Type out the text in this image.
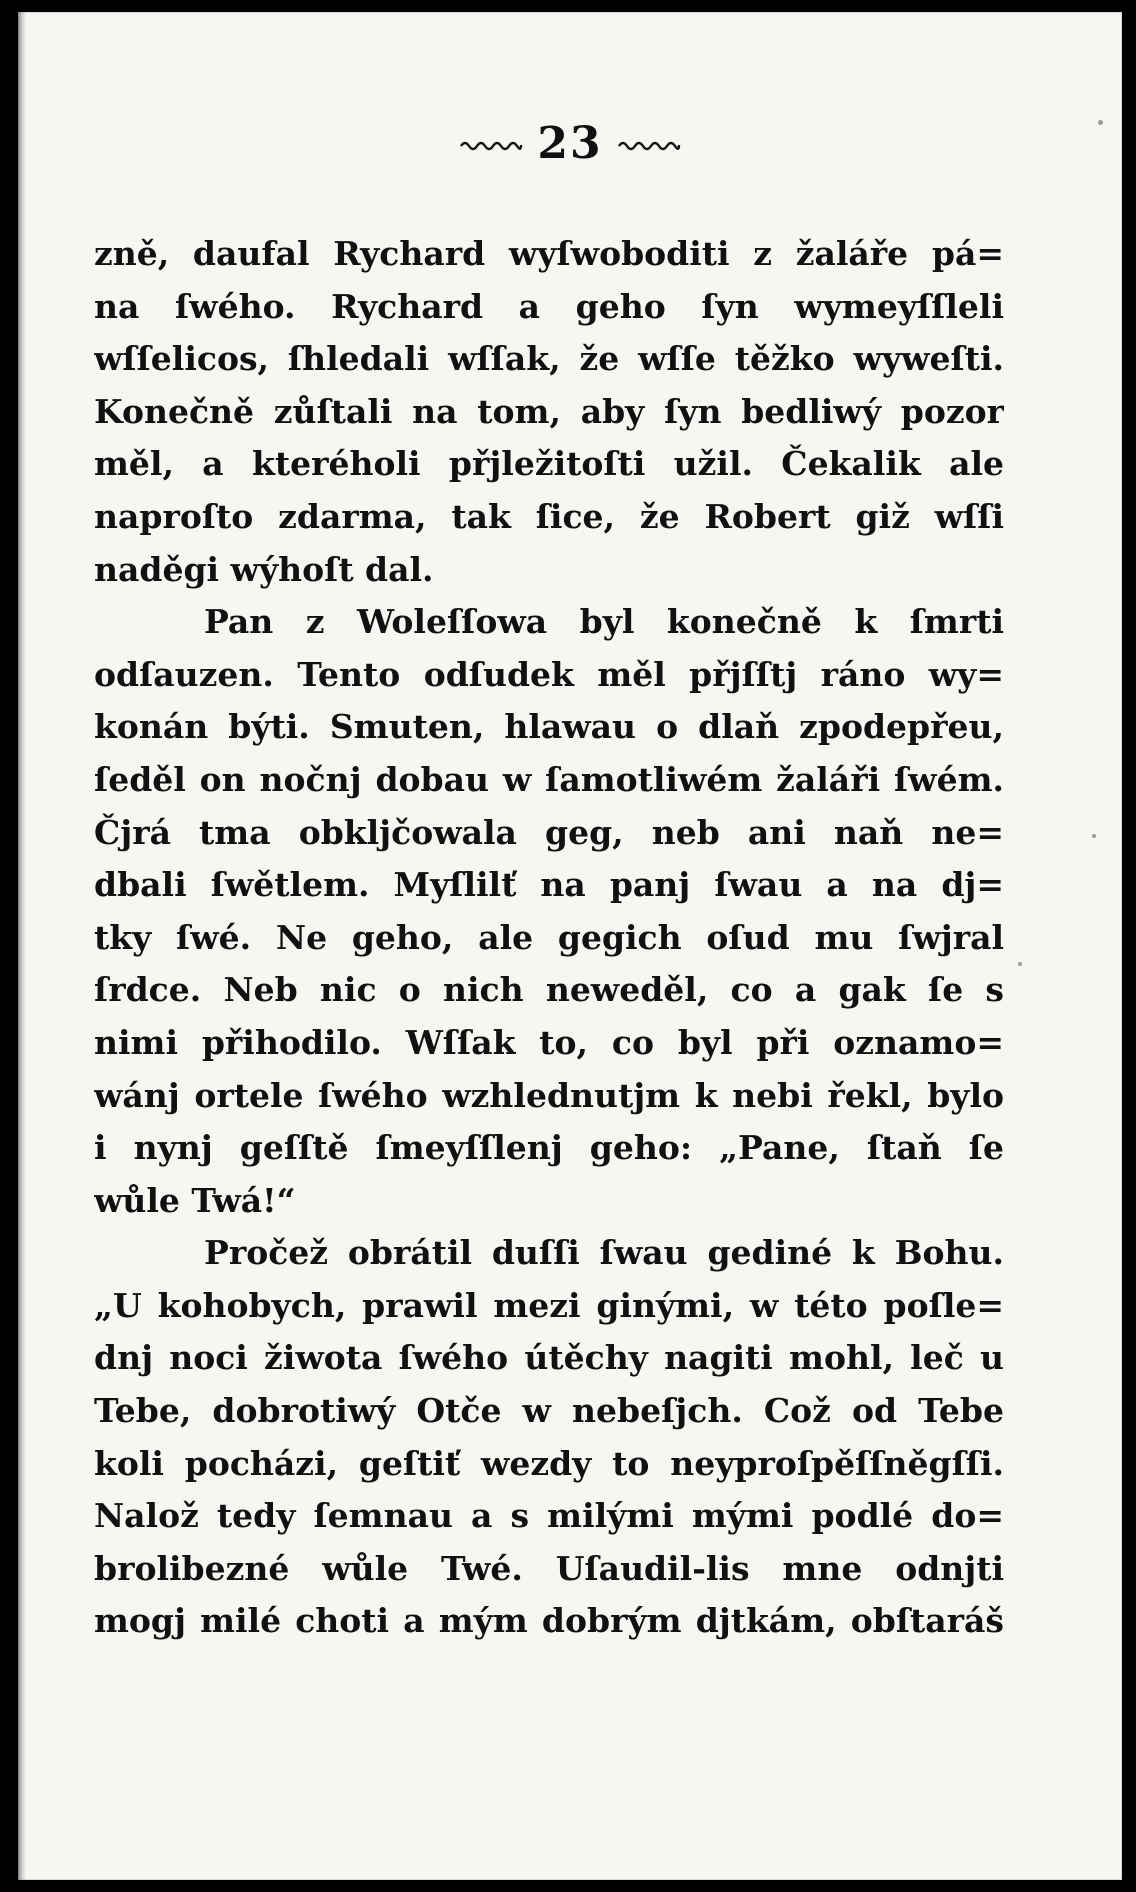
23
zně, daufal Rychard wyſwoboditi z žaláře pá=
na ſwého. Rychard a geho ſyn wymeyſſleli
wſſelicos, ſhledali wſſak, že wſſe těžko wyweſti.
Konečně zůſtali na tom, aby ſyn bedliwý pozor
měl, a kteréholi přjležitoſti užil. Čekalik ale
naproſto zdarma, tak ſice, že Robert giž wſſi
naděgi wýhoſt dal.
Pan z Woleſſowa byl konečně k ſmrti
odſauzen. Tento odſudek měl přjſſtj ráno wy=
konán býti. Smuten, hlawau o dlaň zpodepřeu,
ſeděl on nočnj dobau w ſamotliwém žaláři ſwém.
Čjrá tma obkljčowala geg, neb ani naň ne=
dbali ſwětlem. Myſlilť na panj ſwau a na dj=
tky ſwé. Ne geho, ale gegich oſud mu ſwjral
ſrdce. Neb nic o nich neweděl, co a gak ſe s
nimi přihodilo. Wſſak to, co byl při oznamo=
wánj ortele ſwého wzhlednutjm k nebi řekl, bylo
i nynj geſſtě ſmeyſſlenj geho: „Pane, ſtaň ſe
wůle Twá!“
Pročež obrátil duſſi ſwau gediné k Bohu.
„U kohobych, prawil mezi ginými, w této poſle=
dnj noci žiwota ſwého útěchy nagiti mohl, leč u
Tebe, dobrotiwý Otče w nebeſjch. Což od Tebe
koli pocházi, geſtiť wezdy to neyproſpěſſněgſſi.
Nalož tedy ſemnau a s milými mými podlé do=
brolibezné wůle Twé. Uſaudil-lis mne odnjti
mogj milé choti a mým dobrým djtkám, obſtaráš
